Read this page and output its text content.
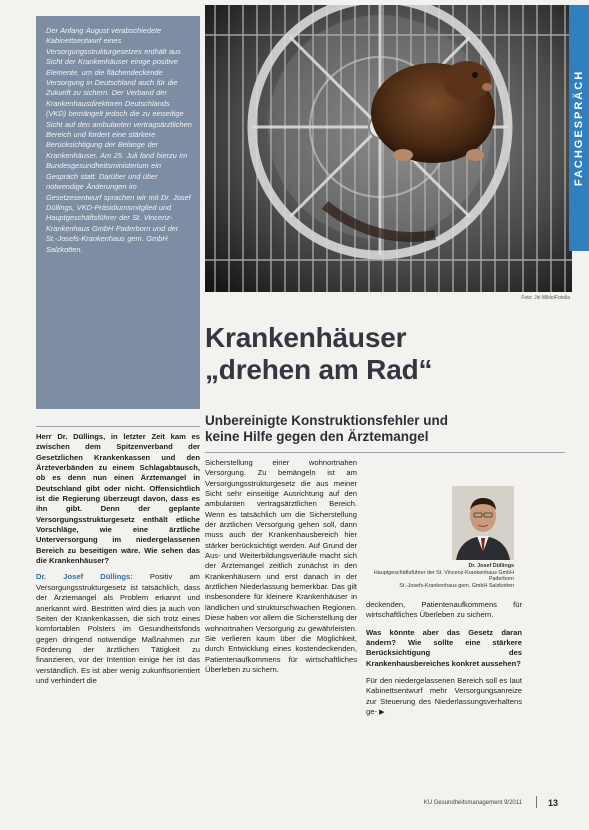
Der Anfang August verabschiedete Kabinettsentwurf eines Versorgungsstrukturgesetzes enthält aus Sicht der Krankenhäuser einige positive Elemente, um die flächendeckende Versorgung in Deutschland auch für die Zukunft zu sichern. Der Verband der Krankenhausdirektoren Deutschlands (VKD) bemängelt jedoch die zu einseitige Sicht auf den ambulanten vertragsärztlichen Bereich und fordert eine stärkere Berücksichtigung der Belange der Krankenhäuser. Am 25. Juli fand hierzu im Bundesgesundheitsministerium ein Gespräch statt. Darüber und über notwendige Änderungen im Gesetzesentwurf sprachen wir mit Dr. Josef Düllings, VKD-Präsidiumsmitglied und Hauptgeschäftsführer der St. Vincenz-Krankenhaus GmbH Paderborn und der St.-Josefs-Krankenhaus gem. GmbH Salzkotten.

FACHGESPRÄCH
Foto: Jiri Miklo/Fotolia
Krankenhäuser
„drehen am Rad“
Unbereinigte Konstruktionsfehler und
keine Hilfe gegen den Ärztemangel

Herr Dr. Düllings, in letzter Zeit kam es zwischen dem Spitzenverband der Gesetzlichen Krankenkassen und den Ärzteverbänden zu einem Schlagabtausch, ob es denn nun einen Ärztemangel in Deutschland gibt oder nicht. Offensichtlich ist die Regierung überzeugt davon, dass es ihn gibt. Denn der geplante Versorgungsstrukturgesetz enthält etliche Vorschläge, wie eine ärztliche Unterversorgung im niedergelassenen Bereich zu beseitigen wäre. Wie sehen das die Krankenhäuser?

Dr. Josef Düllings: Positiv am Versorgungsstrukturgesetz ist tatsächlich, dass der Ärztemangel als Problem erkannt und anerkannt wird. Bestritten wird dies ja auch von Seiten der Krankenkassen, die sich trotz eines komfortablen Polsters im Gesundheitsfonds gegen dringend notwendige Maßnahmen zur Förderung der ärztlichen Tätigkeit zu finanzieren, vor der Intention einige her ist das verständlich. Es ist aber wenig zukunftsorientiert und verhindert die

Sicherstellung einer wohnortnahen Versorgung. Zu bemängeln ist am Versorgungsstrukturgesetz die aus meiner Sicht sehr einseitige Ausrichtung auf den ambulanten vertragsärztlichen Bereich. Wenn es tatsächlich um die Sicherstellung der ärztlichen Versorgung gehen soll, dann muss auch der Krankenhausbereich hier stärker berücksichtigt werden. Auf Grund der Aus- und Weiterbildungsverläufe macht sich der Ärztemangel zeitlich zunächst in den Krankenhäusern und erst danach in der ärztlichen Niederlassung bemerkbar. Das gilt insbesondere für kleinere Krankenhäuser in ländlichen und strukturschwachen Regionen. Diese haben vor allem die Sicherstellung der wohnortnahen Versorgung zu gewährleisten. Sie verlieren kaum über die Möglichkeit, durch Entwicklung eines kostendeckenden, Patientenaufkommens für wirtschaftliches Überleben zu sichern.

Dr. Josef Düllings
Hauptgeschäftsführer der St. Vincenz-Krankenhaus GmbH Paderborn
St.-Josefs-Krankenhaus gem. GmbH Salzkotten

deckenden, Patientenaufkommens für wirtschaftliches Überleben zu sichern.

Was könnte aber das Gesetz daran ändern? Wie sollte eine stärkere Berücksichtigung des Krankenhausbereiches konkret aussehen?

Für den niedergelassenen Bereich soll es laut Kabinettsentwurf mehr Versorgungsanreize zur Steuerung des Niederlassungsverhaltens ge- ▶

KU Gesundheitsmanagement 9/2011	13
